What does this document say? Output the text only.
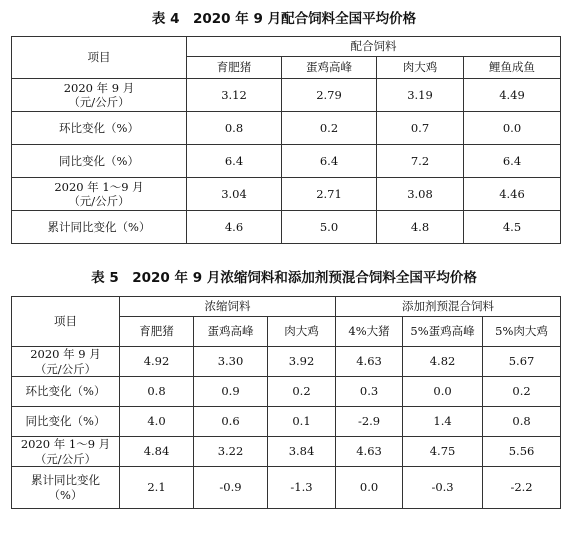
表 4　2020 年 9 月配合饲料全国平均价格
项目	配合饲料			
	育肥猪	蛋鸡高峰	肉大鸡	鲤鱼成鱼

2020 年 9 月
（元/公斤）	3.12	2.79	3.19	4.49

环比变化（%）	0.8	0.2	0.7	0.0

同比变化（%）	6.4	6.4	7.2	6.4

2020 年 1～9 月
（元/公斤）	3.04	2.71	3.08	4.46

累计同比变化（%）	4.6	5.0	4.8	4.5
表 5　2020 年 9 月浓缩饲料和添加剂预混合饲料全国平均价格
项目	浓缩饲料			添加剂预混合饲料		
	育肥猪	蛋鸡高峰	肉大鸡	4%大猪	5%蛋鸡高峰	5%肉大鸡

2020 年 9 月
（元/公斤）	4.92	3.30	3.92	4.63	4.82	5.67

环比变化（%）	0.8	0.9	0.2	0.3	0.0	0.2

同比变化（%）	4.0	0.6	0.1	-2.9	1.4	0.8

2020 年 1～9 月
（元/公斤）	4.84	3.22	3.84	4.63	4.75	5.56

累计同比变化
（%）	2.1	-0.9	-1.3	0.0	-0.3	-2.2
